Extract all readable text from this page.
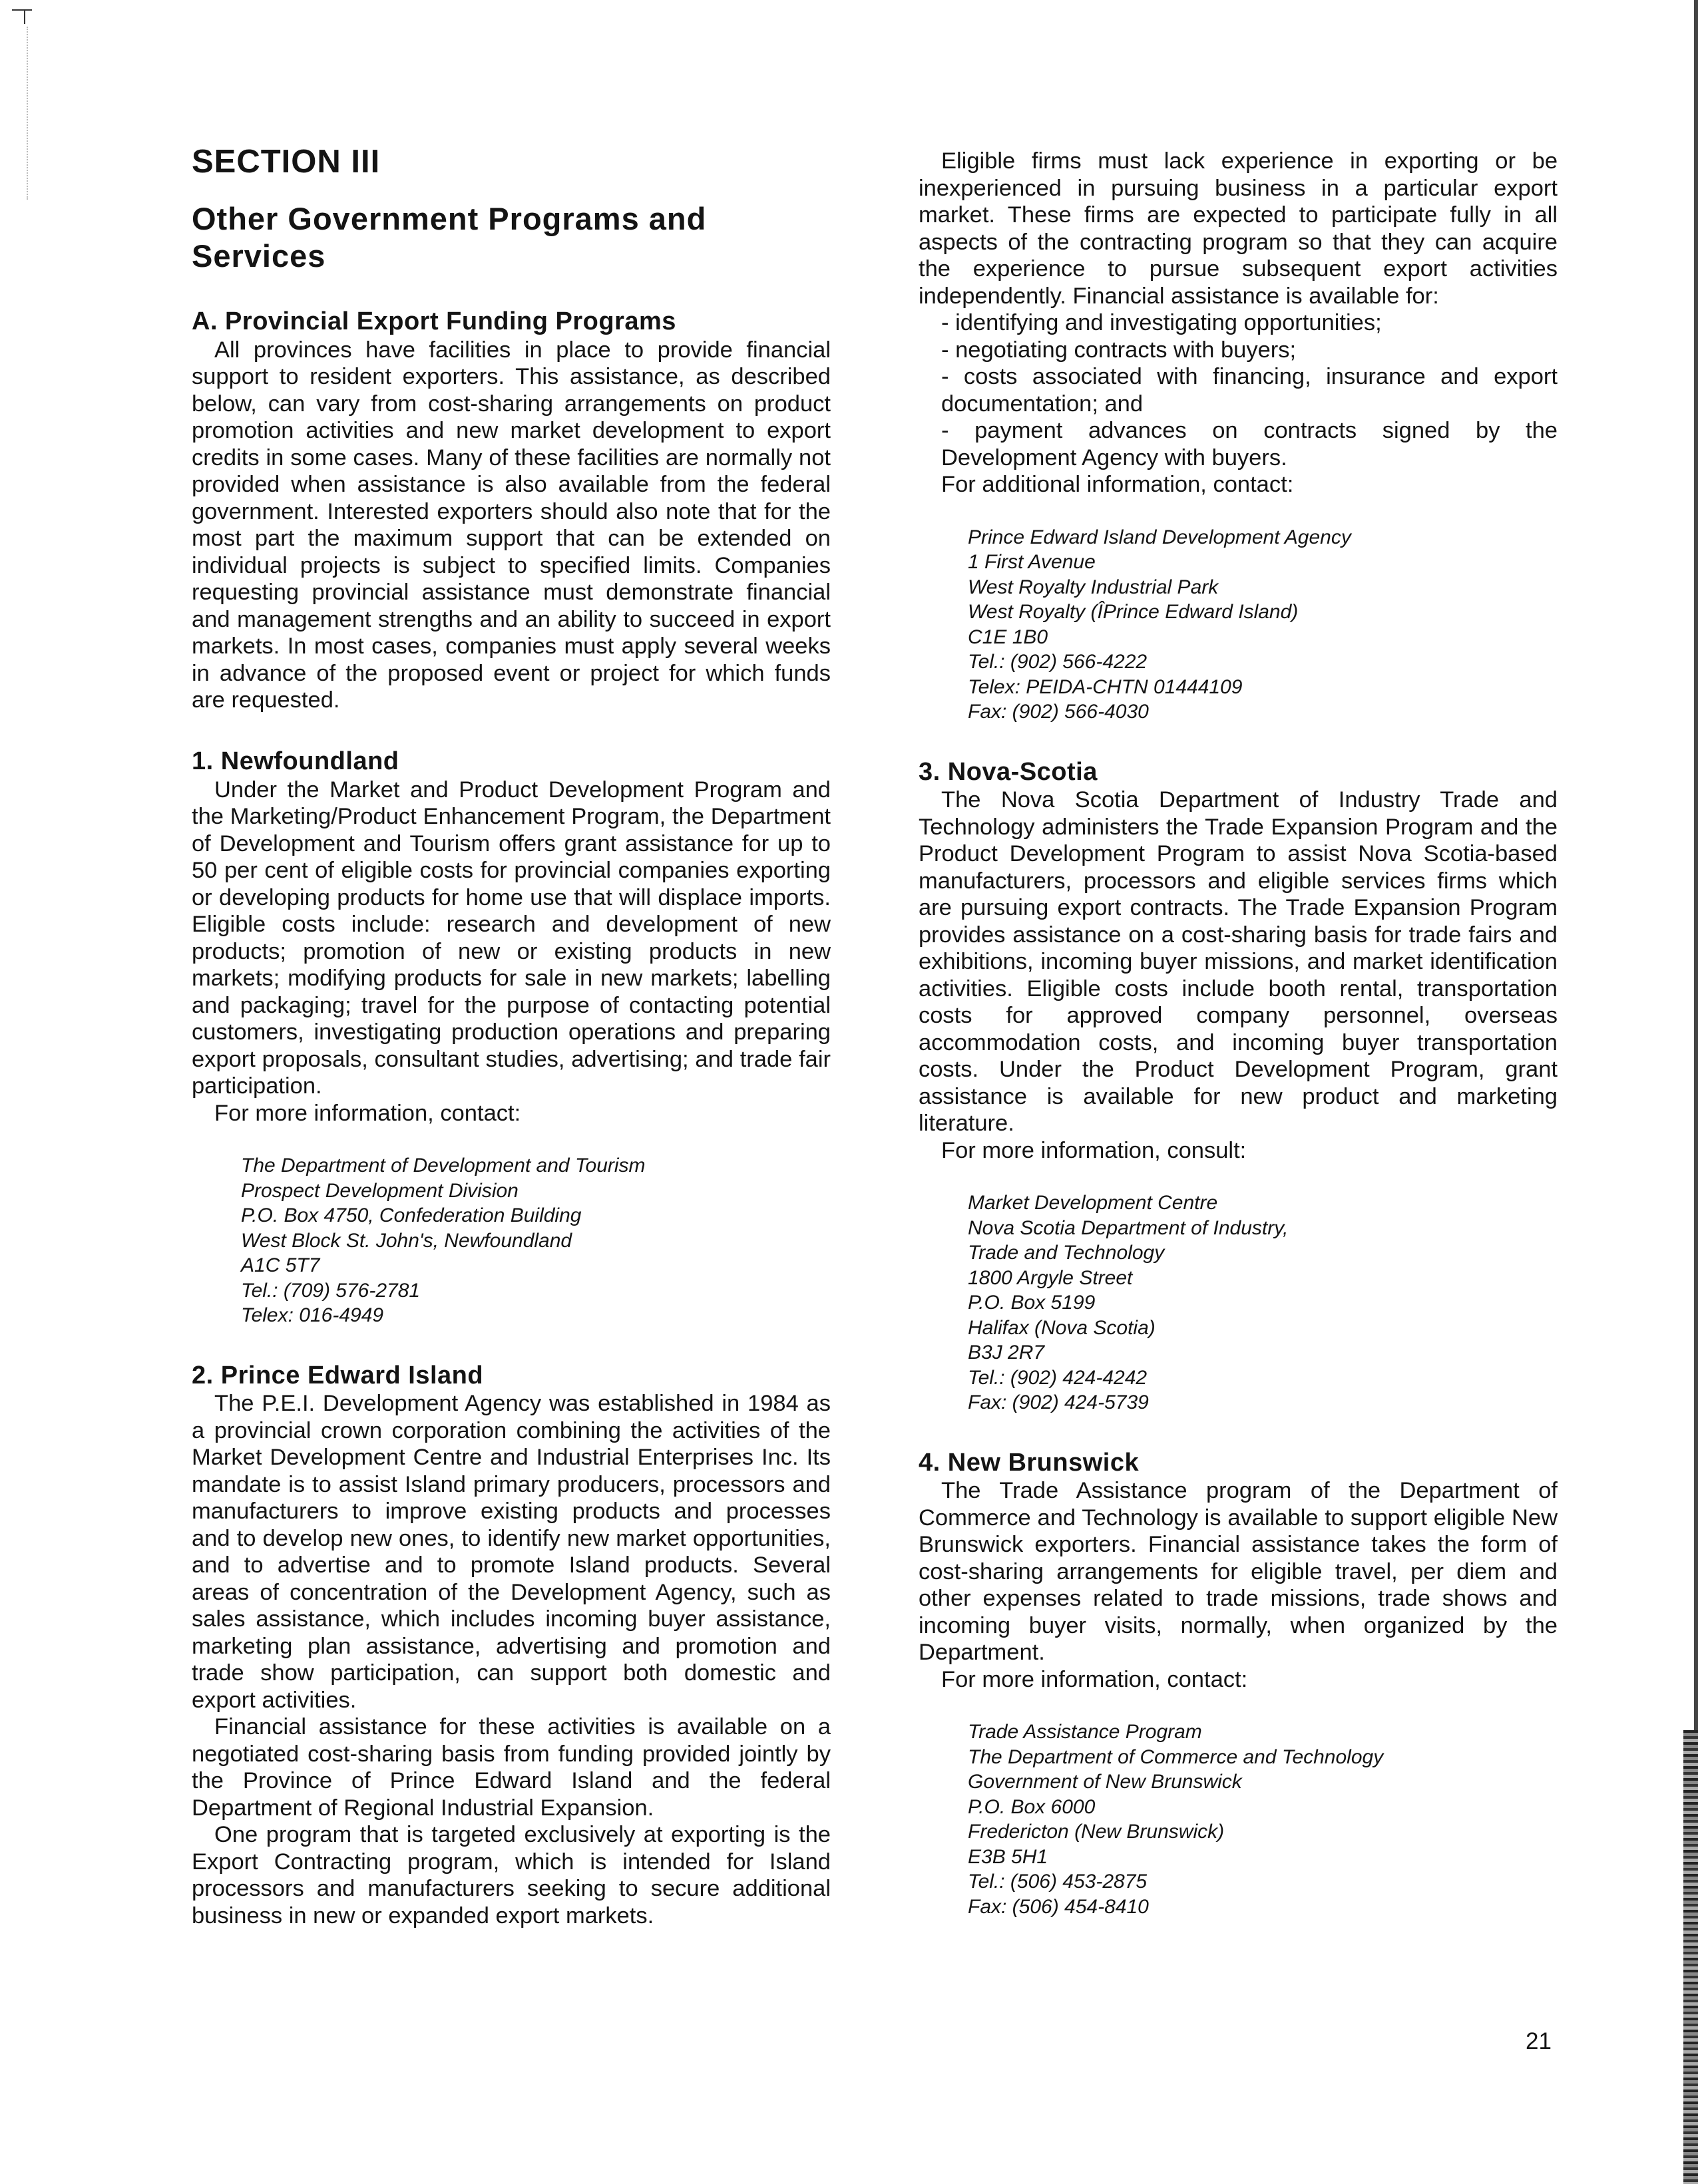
SECTION III
Other Government Programs and Services
A. Provincial Export Funding Programs

All provinces have facilities in place to provide financial support to resident exporters. This assistance, as described below, can vary from cost-sharing arrangements on product promotion activities and new market development to export credits in some cases. Many of these facilities are normally not provided when assistance is also available from the federal government. Interested exporters should also note that for the most part the maximum support that can be extended on individual projects is subject to specified limits. Companies requesting provincial assistance must demonstrate financial and management strengths and an ability to succeed in export markets. In most cases, companies must apply several weeks in advance of the proposed event or project for which funds are requested.

1. Newfoundland

Under the Market and Product Development Program and the Marketing/Product Enhancement Program, the Department of Development and Tourism offers grant assistance for up to 50 per cent of eligible costs for provincial companies exporting or developing products for home use that will displace imports. Eligible costs include: research and development of new products; promotion of new or existing products in new markets; modifying products for sale in new markets; labelling and packaging; travel for the purpose of contacting potential customers, investigating production operations and preparing export proposals, consultant studies, advertising; and trade fair participation.

For more information, contact:

The Department of Development and Tourism
Prospect Development Division
P.O. Box 4750, Confederation Building
West Block St. John's, Newfoundland
A1C 5T7
Tel.: (709) 576-2781
Telex: 016-4949
2. Prince Edward Island

The P.E.I. Development Agency was established in 1984 as a provincial crown corporation combining the activities of the Market Development Centre and Industrial Enterprises Inc. Its mandate is to assist Island primary producers, processors and manufacturers to improve existing products and processes and to develop new ones, to identify new market opportunities, and to advertise and to promote Island products. Several areas of concentration of the Development Agency, such as sales assistance, which includes incoming buyer assistance, marketing plan assistance, advertising and promotion and trade show participation, can support both domestic and export activities.

Financial assistance for these activities is available on a negotiated cost-sharing basis from funding provided jointly by the Province of Prince Edward Island and the federal Department of Regional Industrial Expansion.

One program that is targeted exclusively at exporting is the Export Contracting program, which is intended for Island processors and manufacturers seeking to secure additional business in new or expanded export markets.

Eligible firms must lack experience in exporting or be inexperienced in pursuing business in a particular export market. These firms are expected to participate fully in all aspects of the contracting program so that they can acquire the experience to pursue subsequent export activities independently. Financial assistance is available for:

- identifying and investigating opportunities;

- negotiating contracts with buyers;

- costs associated with financing, insurance and export documentation; and

- payment advances on contracts signed by the Development Agency with buyers.

For additional information, contact:

Prince Edward Island Development Agency
1 First Avenue
West Royalty Industrial Park
West Royalty (ÎPrince Edward Island)
C1E 1B0
Tel.: (902) 566-4222
Telex: PEIDA-CHTN 01444109
Fax: (902) 566-4030
3. Nova-Scotia

The Nova Scotia Department of Industry Trade and Technology administers the Trade Expansion Program and the Product Development Program to assist Nova Scotia-based manufacturers, processors and eligible services firms which are pursuing export contracts. The Trade Expansion Program provides assistance on a cost-sharing basis for trade fairs and exhibitions, incoming buyer missions, and market identification activities. Eligible costs include booth rental, transportation costs for approved company personnel, overseas accommodation costs, and incoming buyer transportation costs. Under the Product Development Program, grant assistance is available for new product and marketing literature.

For more information, consult:

Market Development Centre
Nova Scotia Department of Industry,
Trade and Technology
1800 Argyle Street
P.O. Box 5199
Halifax (Nova Scotia)
B3J 2R7
Tel.: (902) 424-4242
Fax: (902) 424-5739
4. New Brunswick

The Trade Assistance program of the Department of Commerce and Technology is available to support eligible New Brunswick exporters. Financial assistance takes the form of cost-sharing arrangements for eligible travel, per diem and other expenses related to trade missions, trade shows and incoming buyer visits, normally, when organized by the Department.

For more information, contact:

Trade Assistance Program
The Department of Commerce and Technology
Government of New Brunswick
P.O. Box 6000
Fredericton (New Brunswick)
E3B 5H1
Tel.: (506) 453-2875
Fax: (506) 454-8410
21
